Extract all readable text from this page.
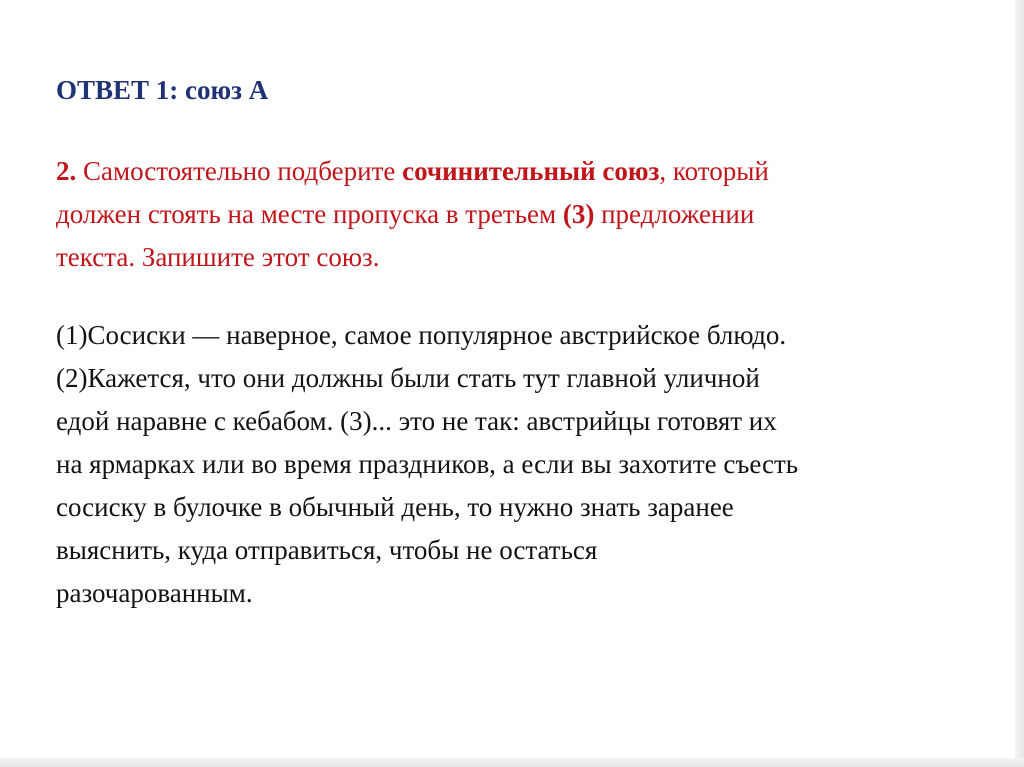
ОТВЕТ 1: союз А
2. Самостоятельно подберите сочинительный союз, который
должен стоять на месте пропуска в третьем (3) предложении
текста. Запишите этот союз.
(1)Сосиски — наверное, самое популярное австрийское блюдо.
(2)Кажется, что они должны были стать тут главной уличной
едой наравне с кебабом. (3)... это не так: австрийцы готовят их
на ярмарках или во время праздников, а если вы захотите съесть
сосиску в булочке в обычный день, то нужно знать заранее
выяснить, куда отправиться, чтобы не остаться
разочарованным.
